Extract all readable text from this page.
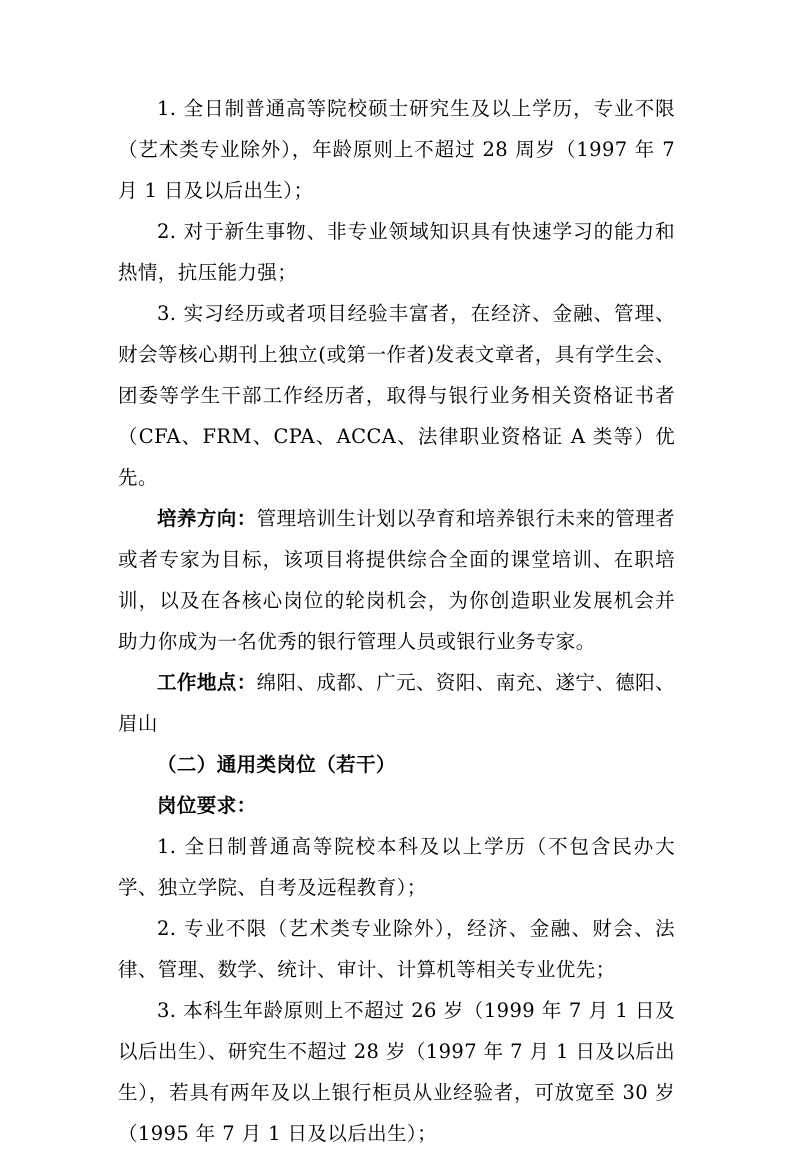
1. 全日制普通高等院校硕士研究生及以上学历，专业不限（艺术类专业除外），年龄原则上不超过 28 周岁（1997 年 7 月 1 日及以后出生）；

2. 对于新生事物、非专业领域知识具有快速学习的能力和热情，抗压能力强；

3. 实习经历或者项目经验丰富者，在经济、金融、管理、财会等核心期刊上独立(或第一作者)发表文章者，具有学生会、团委等学生干部工作经历者，取得与银行业务相关资格证书者（CFA、FRM、CPA、ACCA、法律职业资格证 A 类等）优先。

培养方向：管理培训生计划以孕育和培养银行未来的管理者或者专家为目标，该项目将提供综合全面的课堂培训、在职培训，以及在各核心岗位的轮岗机会，为你创造职业发展机会并助力你成为一名优秀的银行管理人员或银行业务专家。

工作地点：绵阳、成都、广元、资阳、南充、遂宁、德阳、眉山

（二）通用类岗位（若干）

岗位要求：

1. 全日制普通高等院校本科及以上学历（不包含民办大学、独立学院、自考及远程教育）；

2. 专业不限（艺术类专业除外），经济、金融、财会、法律、管理、数学、统计、审计、计算机等相关专业优先；

3. 本科生年龄原则上不超过 26 岁（1999 年 7 月 1 日及以后出生）、研究生不超过 28 岁（1997 年 7 月 1 日及以后出生），若具有两年及以上银行柜员从业经验者，可放宽至 30 岁（1995 年 7 月 1 日及以后出生）；
